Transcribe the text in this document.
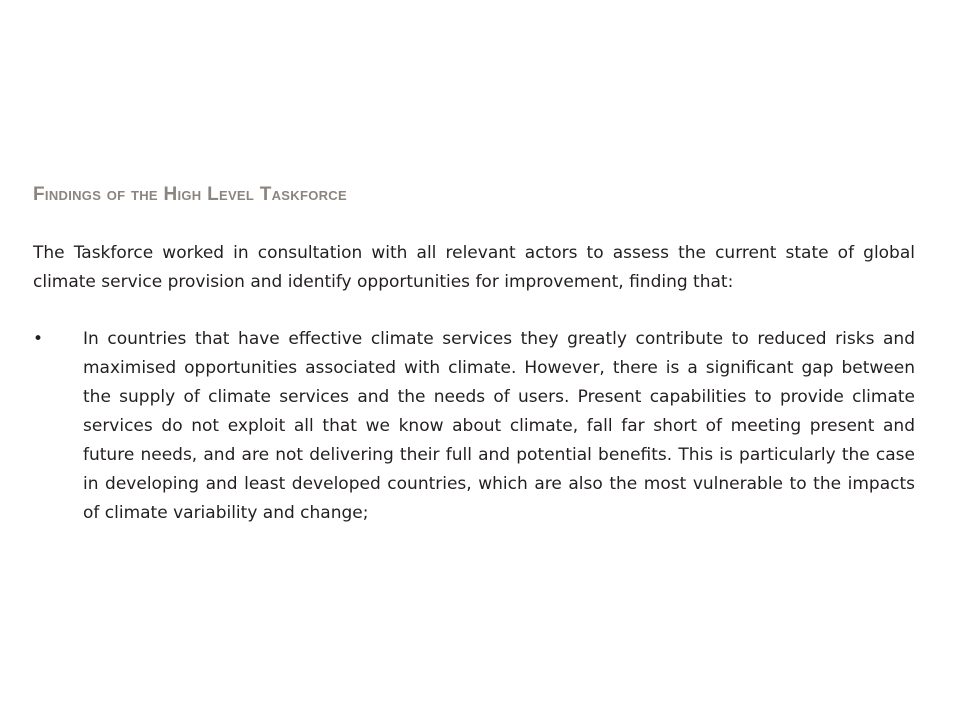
Findings of the High Level Taskforce

The Taskforce worked in consultation with all relevant actors to assess the current state of global climate service provision and identify opportunities for improvement, finding that:

• In countries that have effective climate services they greatly contribute to reduced risks and maximised opportunities associated with climate. However, there is a significant gap between the supply of climate services and the needs of users. Present capabilities to provide climate services do not exploit all that we know about climate, fall far short of meeting present and future needs, and are not delivering their full and potential benefits. This is particularly the case in developing and least developed countries, which are also the most vulnerable to the impacts of climate variability and change;
